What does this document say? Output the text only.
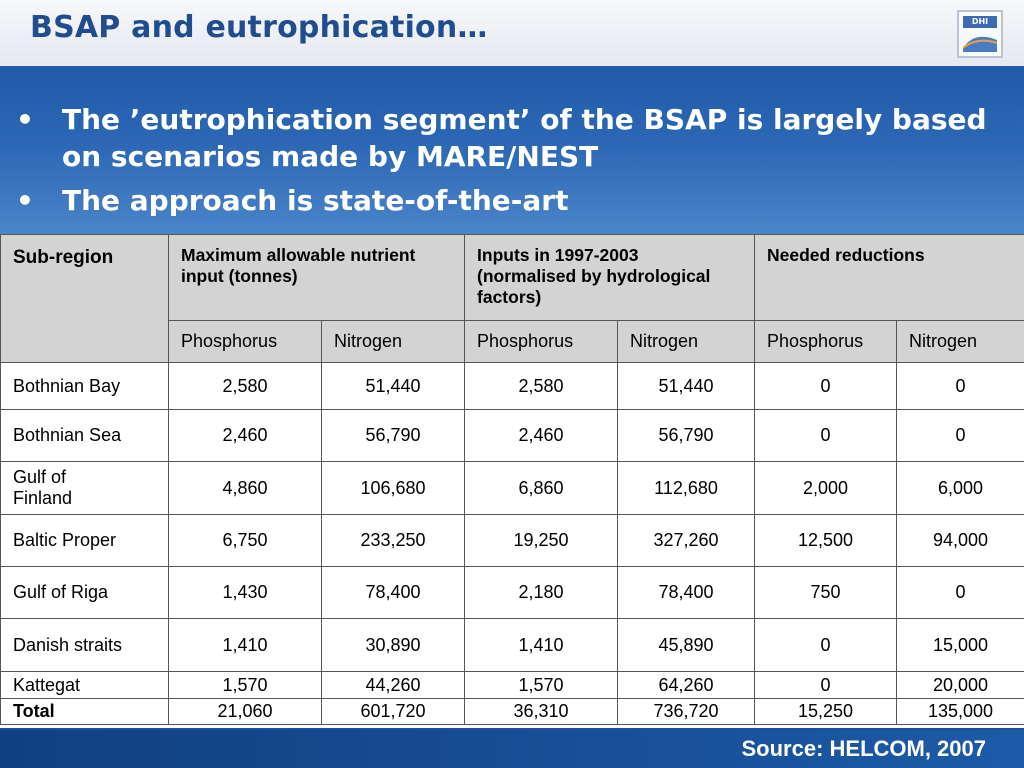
BSAP and eutrophication…	DHI
• The ’eutrophication segment’ of the BSAP is largely based on scenarios made by MARE/NEST
• The approach is state-of-the-art
Sub-region	Maximum allowable nutrient input (tonnes)		Inputs in 1997-2003 (normalised by hydrological factors)		Needed reductions	
	Phosphorus	Nitrogen	Phosphorus	Nitrogen	Phosphorus	Nitrogen
Bothnian Bay	2,580	51,440	2,580	51,440	0	0
Bothnian Sea	2,460	56,790	2,460	56,790	0	0
Gulf of Finland	4,860	106,680	6,860	112,680	2,000	6,000
Baltic Proper	6,750	233,250	19,250	327,260	12,500	94,000
Gulf of Riga	1,430	78,400	2,180	78,400	750	0
Danish straits	1,410	30,890	1,410	45,890	0	15,000
Kattegat	1,570	44,260	1,570	64,260	0	20,000
Total	21,060	601,720	36,310	736,720	15,250	135,000
Source: HELCOM, 2007
